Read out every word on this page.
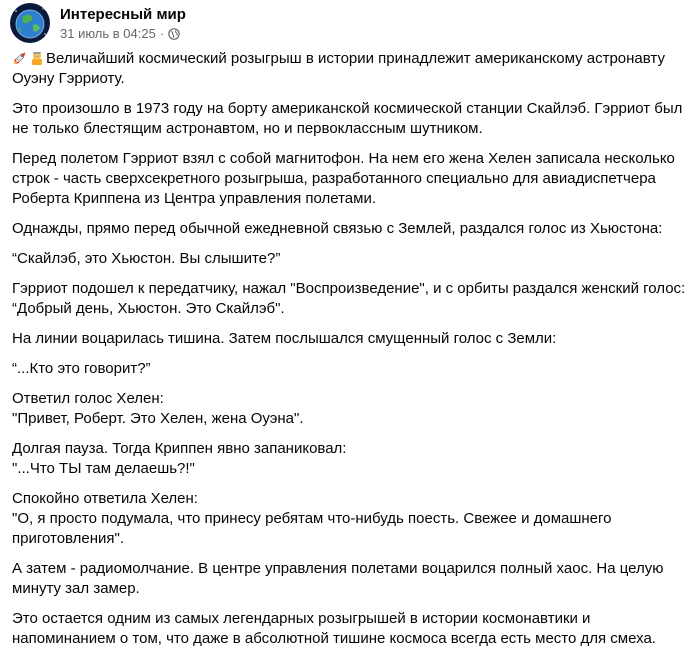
Интересный мир
31 июль в 04:25 ·

Величайший космический розыгрыш в истории принадлежит американскому астронавту Оуэну Гэрриоту.

Это произошло в 1973 году на борту американской космической станции Скайлэб. Гэрриот был не только блестящим астронавтом, но и первоклассным шутником.

Перед полетом Гэрриот взял с собой магнитофон. На нем его жена Хелен записала несколько строк - часть сверхсекретного розыгрыша, разработанного специально для авиадиспетчера Роберта Криппена из Центра управления полетами.

Однажды, прямо перед обычной ежедневной связью с Землей, раздался голос из Хьюстона:

“Скайлэб, это Хьюстон. Вы слышите?”

Гэрриот подошел к передатчику, нажал "Воспроизведение", и с орбиты раздался женский голос:
“Добрый день, Хьюстон. Это Скайлэб".

На линии воцарилась тишина. Затем послышался смущенный голос с Земли:

“...Кто это говорит?”

Ответил голос Хелен:
"Привет, Роберт. Это Хелен, жена Оуэна".

Долгая пауза. Тогда Криппен явно запаниковал:
"...Что ТЫ там делаешь?!"

Спокойно ответила Хелен:
"О, я просто подумала, что принесу ребятам что-нибудь поесть. Свежее и домашнего приготовления".

А затем - радиомолчание. В центре управления полетами воцарился полный хаос. На целую минуту зал замер.

Это остается одним из самых легендарных розыгрышей в истории космонавтики и напоминанием о том, что даже в абсолютной тишине космоса всегда есть место для смеха.
